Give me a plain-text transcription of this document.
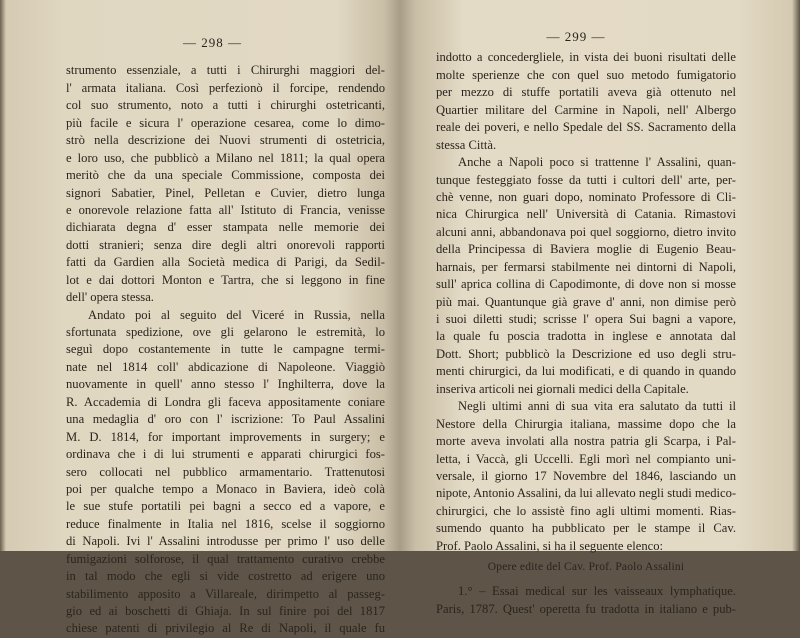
— 298 —
strumento essenziale, a tutti i Chirurghi maggiori del-
l' armata italiana. Così perfezionò il forcipe, rendendo
col suo strumento, noto a tutti i chirurghi ostetricanti,
più facile e sicura l' operazione cesarea, come lo dimo-
strò nella descrizione dei Nuovi strumenti di ostetricia,
e loro uso, che pubblicò a Milano nel 1811; la qual opera
meritò che da una speciale Commissione, composta dei
signori Sabatier, Pinel, Pelletan e Cuvier, dietro lunga
e onorevole relazione fatta all' Istituto di Francia, venisse
dichiarata degna d' esser stampata nelle memorie dei
dotti stranieri; senza dire degli altri onorevoli rapporti
fatti da Gardien alla Società medica di Parigi, da Sedil-
lot e dai dottori Monton e Tartra, che si leggono in fine
dell' opera stessa.
Andato poi al seguito del Viceré in Russia, nella
sfortunata spedizione, ove gli gelarono le estremità, lo
seguì dopo costantemente in tutte le campagne termi-
nate nel 1814 coll' abdicazione di Napoleone. Viaggiò
nuovamente in quell' anno stesso l' Inghilterra, dove la
R. Accademia di Londra gli faceva appositamente coniare
una medaglia d' oro con l' iscrizione: To Paul Assalini
M. D. 1814, for important improvements in surgery; e
ordinava che i di lui strumenti e apparati chirurgici fos-
sero collocati nel pubblico armamentario. Trattenutosi
poi per qualche tempo a Monaco in Baviera, ideò colà
le sue stufe portatili pei bagni a secco ed a vapore, e
reduce finalmente in Italia nel 1816, scelse il soggiorno
di Napoli. Ivi l' Assalini introdusse per primo l' uso delle
fumigazioni solforose, il qual trattamento curativo crebbe
in tal modo che egli si vide costretto ad erigere uno
stabilimento apposito a Villareale, dirimpetto al passeg-
gio ed ai boschetti di Ghiaja. In sul finire poi del 1817
chiese patenti di privilegio al Re di Napoli, il quale fu
— 299 —
indotto a concedergliele, in vista dei buoni risultati delle
molte sperienze che con quel suo metodo fumigatorio
per mezzo di stuffe portatili aveva già ottenuto nel
Quartier militare del Carmine in Napoli, nell' Albergo
reale dei poveri, e nello Spedale del SS. Sacramento della
stessa Città.
Anche a Napoli poco si trattenne l' Assalini, quan-
tunque festeggiato fosse da tutti i cultori dell' arte, per-
chè venne, non guari dopo, nominato Professore di Cli-
nica Chirurgica nell' Università di Catania. Rimastovi
alcuni anni, abbandonava poi quel soggiorno, dietro invito
della Principessa di Baviera moglie di Eugenio Beau-
harnais, per fermarsi stabilmente nei dintorni di Napoli,
sull' aprica collina di Capodimonte, di dove non si mosse
più mai. Quantunque già grave d' anni, non dimise però
i suoi diletti studi; scrisse l' opera Sui bagni a vapore,
la quale fu poscia tradotta in inglese e annotata dal
Dott. Short; pubblicò la Descrizione ed uso degli stru-
menti chirurgici, da lui modificati, e di quando in quando
inseriva articoli nei giornali medici della Capitale.
Negli ultimi anni di sua vita era salutato da tutti il
Nestore della Chirurgia italiana, massime dopo che la
morte aveva involati alla nostra patria gli Scarpa, i Pal-
letta, i Vaccà, gli Uccelli. Egli morì nel compianto uni-
versale, il giorno 17 Novembre del 1846, lasciando un
nipote, Antonio Assalini, da lui allevato negli studi medico-
chirurgici, che lo assistè fino agli ultimi momenti. Rias-
sumendo quanto ha pubblicato per le stampe il Cav.
Prof. Paolo Assalini, si ha il seguente elenco:
Opere edite del Cav. Prof. Paolo Assalini
1.° – Essai medical sur les vaisseaux lymphatique.
Paris, 1787. Quest' operetta fu tradotta in italiano e pub-
